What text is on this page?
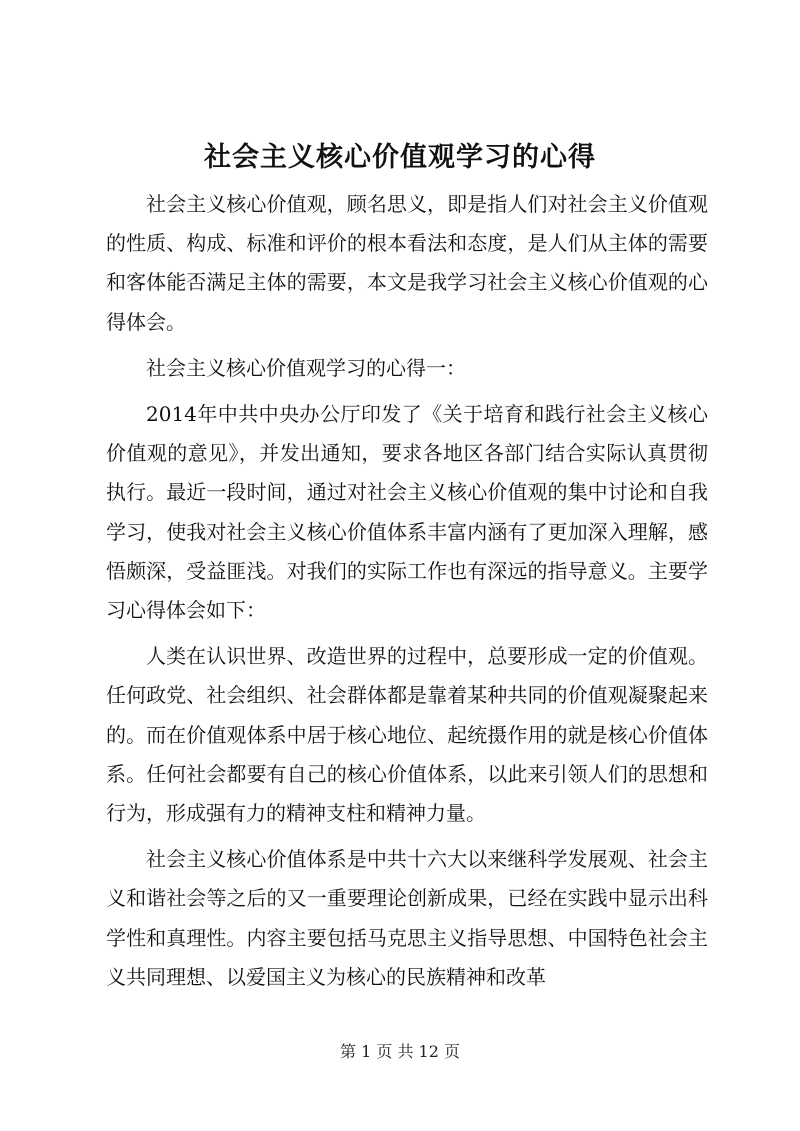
社会主义核心价值观学习的心得

社会主义核心价值观，顾名思义，即是指人们对社会主义价值观的性质、构成、标准和评价的根本看法和态度，是人们从主体的需要和客体能否满足主体的需要，本文是我学习社会主义核心价值观的心得体会。

社会主义核心价值观学习的心得一：

2014年中共中央办公厅印发了《关于培育和践行社会主义核心价值观的意见》，并发出通知，要求各地区各部门结合实际认真贯彻执行。最近一段时间，通过对社会主义核心价值观的集中讨论和自我学习，使我对社会主义核心价值体系丰富内涵有了更加深入理解，感悟颇深，受益匪浅。对我们的实际工作也有深远的指导意义。主要学习心得体会如下：

人类在认识世界、改造世界的过程中，总要形成一定的价值观。任何政党、社会组织、社会群体都是靠着某种共同的价值观凝聚起来的。而在价值观体系中居于核心地位、起统摄作用的就是核心价值体系。任何社会都要有自己的核心价值体系，以此来引领人们的思想和行为，形成强有力的精神支柱和精神力量。

社会主义核心价值体系是中共十六大以来继科学发展观、社会主义和谐社会等之后的又一重要理论创新成果，已经在实践中显示出科学性和真理性。内容主要包括马克思主义指导思想、中国特色社会主义共同理想、以爱国主义为核心的民族精神和改革

第 1 页 共 12 页
